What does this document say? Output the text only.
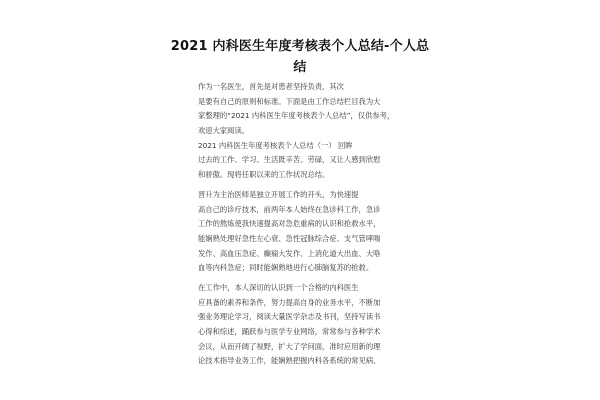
2021 内科医生年度考核表个人总结-个人总
结
作为一名医生，首先是对患者坚持负责，其次
是要有自己的原则和标准。下面是由工作总结栏目我为大
家整理的“2021 内科医生年度考核表个人总结”，仅供参考，
欢迎大家阅读。
2021 内科医生年度考核表个人总结（一） 回眸
过去的工作、学习、生活既辛苦、劳碌，又让人感到欣慰
和骄傲。现将任职以来的工作状况总结。
晋升为主治医师是独立开展工作的开头，为快速提
高自己的诊疗技术，前两年本人始终在急诊科工作，急诊
工作的熬炼使我快速提高对急危重病的认识和抢救水平，
能娴熟处理好急性左心衰、急性冠脉综合症、支气管哮喘
发作、高血压急症、癫痫大发作、上消化道大出血、大咯
血等内科急症；同时能娴熟地进行心肺脑复苏的抢救。
在工作中，本人深切的认识到一个合格的内科医生
应具备的素养和条件，努力提高自身的业务水平，不断加
强业务理论学习，阅读大量医学杂志及书刊，坚持写读书
心得和综述，踊跃参与医学专业网络，常常参与各种学术
会议，从而开阔了视野，扩大了学问面，准时应用新的理
论技术指导业务工作，能娴熟把握内科各系统的常见病、
